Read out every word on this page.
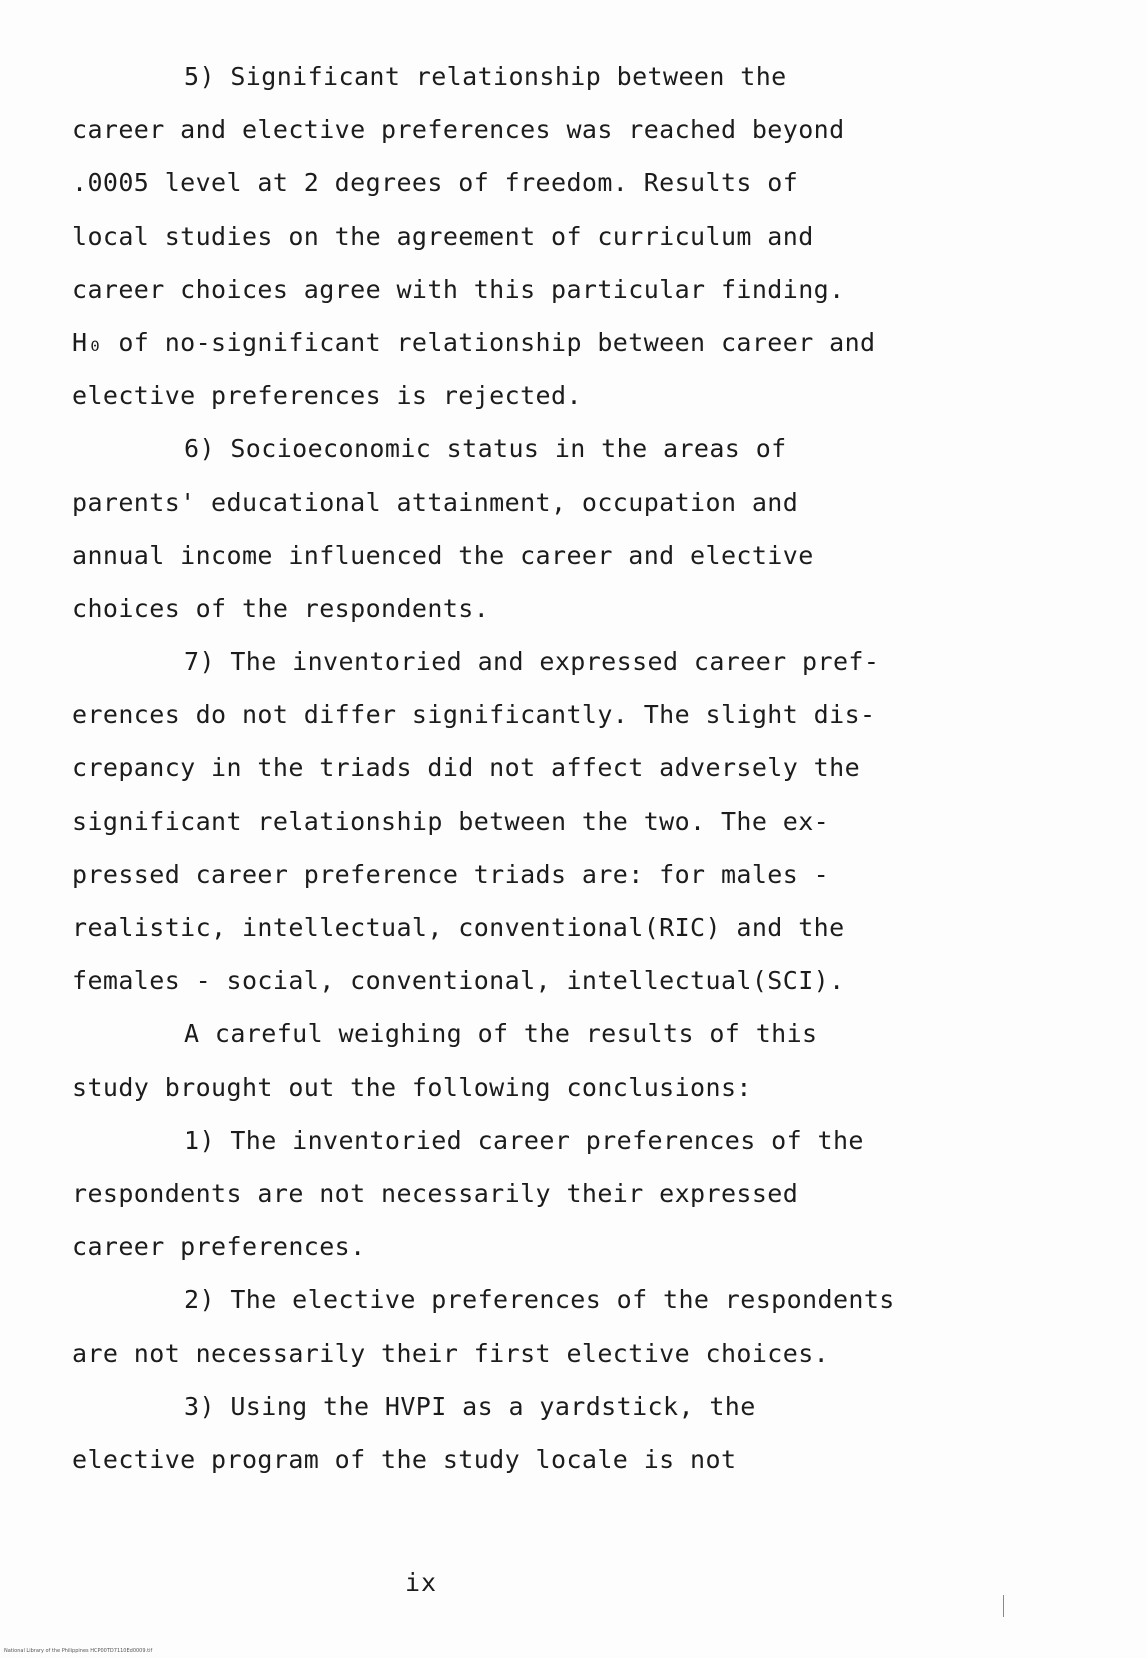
5) Significant relationship between the
career and elective preferences was reached beyond
.0005 level at 2 degrees of freedom. Results of
local studies on the agreement of curriculum and
career choices agree with this particular finding.
H₀ of no-significant relationship between career and
elective preferences is rejected.
6) Socioeconomic status in the areas of
parents' educational attainment, occupation and
annual income influenced the career and elective
choices of the respondents.
7) The inventoried and expressed career pref-
erences do not differ significantly. The slight dis-
crepancy in the triads did not affect adversely the
significant relationship between the two. The ex-
pressed career preference triads are: for males -
realistic, intellectual, conventional(RIC) and the
females - social, conventional, intellectual(SCI).
A careful weighing of the results of this
study brought out the following conclusions:
1) The inventoried career preferences of the
respondents are not necessarily their expressed
career preferences.
2) The elective preferences of the respondents
are not necessarily their first elective choices.
3) Using the HVPI as a yardstick, the
elective program of the study locale is not
ix
National Library of the Philippines HCP00TD7110Ed0009.tif
